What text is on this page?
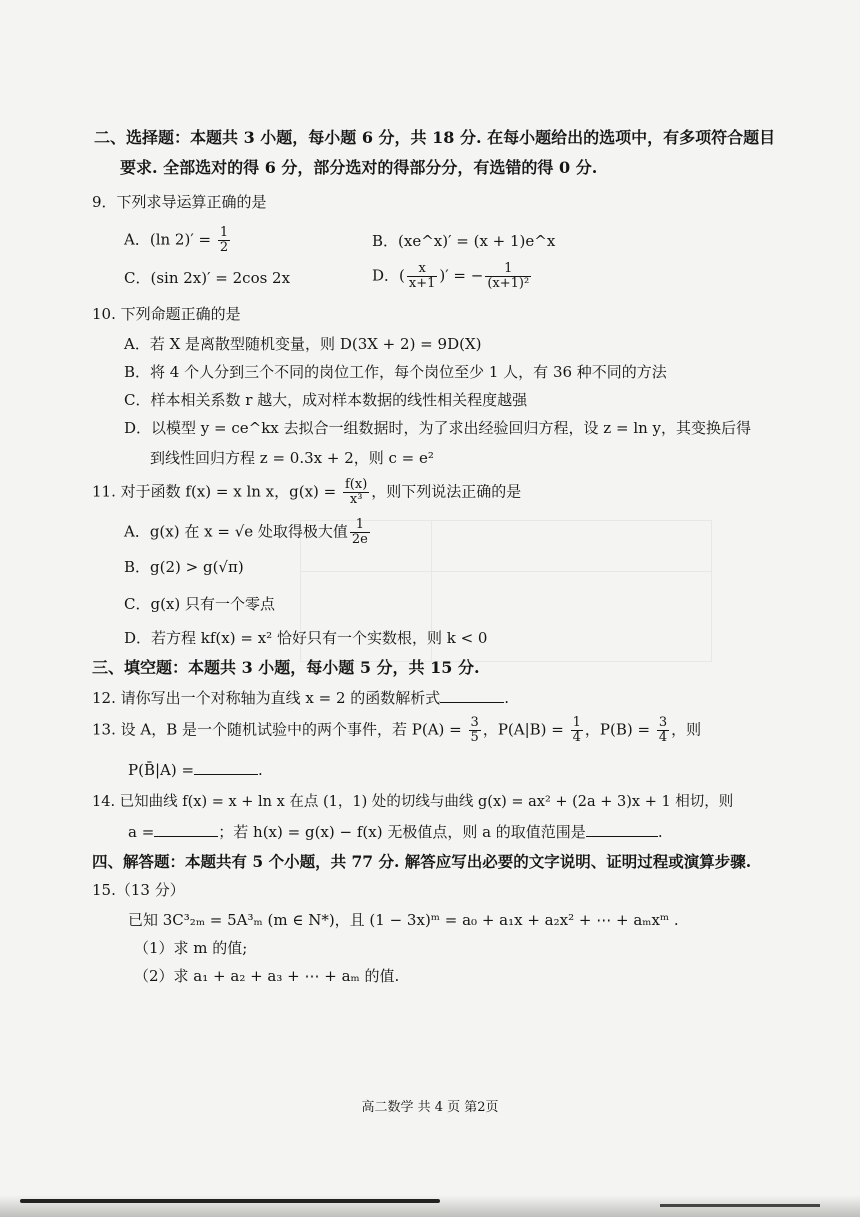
二、选择题：本题共 3 小题，每小题 6 分，共 18 分. 在每小题给出的选项中，有多项符合题目
要求. 全部选对的得 6 分，部分选对的得部分分，有选错的得 0 分.
9．下列求导运算正确的是
A．(ln $2)' = \frac{1}{2}$	B．(xe^x)′ = (x + 1)e^x
C．(sin 2x)′ = 2cos 2x	D．( $\frac{x}{x+1}$ )′ = − $\frac{1}{\text{(x+1)²}}$
10. 下列命题正确的是
A．若 X 是离散型随机变量，则 D(3X + 2) = 9D(X)
B．将 4 个人分到三个不同的岗位工作，每个岗位至少 1 人，有 36 种不同的方法
C．样本相关系数 r 越大，成对样本数据的线性相关程度越强
D．以模型 y = ce^kx 去拟合一组数据时，为了求出经验回归方程，设 z = ln y，其变换后得
到线性回归方程 z = 0.3x + 2，则 c = e²
11. 对于函数 f(x) = x ln x，$g(x) = \frac{f(x)}{\text{x³}}$ ，则下列说法正确的是
A．g(x) 在 x = √e 处取得极大值 $\frac{1}{2e}$
B．g(2) > g(√π)
C．g(x) 只有一个零点
D．若方程 kf(x) = x² 恰好只有一个实数根，则 k < 0
三、填空题：本题共 3 小题，每小题 5 分，共 15 分.
12. 请你写出一个对称轴为直线 x = 2 的函数解析式	.
13. 设 A，B 是一个随机试验中的两个事件，若 $P(A) = \frac{3}{5}$ ，$P(A|B) = \frac{1}{4}$ ，$P(B) = \frac{3}{4}$ ，则
P(B̄|A) =	.
14. 已知曲线 f(x) = x + ln x 在点 (1，1) 处的切线与曲线 g(x) = ax² + (2a + 3)x + 1 相切，则
a =	；若 h(x) = g(x) − f(x) 无极值点，则 a 的取值范围是	.
四、解答题：本题共有 5 个小题，共 77 分. 解答应写出必要的文字说明、证明过程或演算步骤.
15.（13 分）
已知 3C³₂ₘ = 5A³ₘ (m ∈ N*)，且 (1 − 3x)ᵐ = a₀ + a₁x + a₂x² + ⋯ + aₘxᵐ .
（1）求 m 的值;
（2）求 a₁ + a₂ + a₃ + ⋯ + aₘ 的值.
高二数学 共 4 页 第2页
